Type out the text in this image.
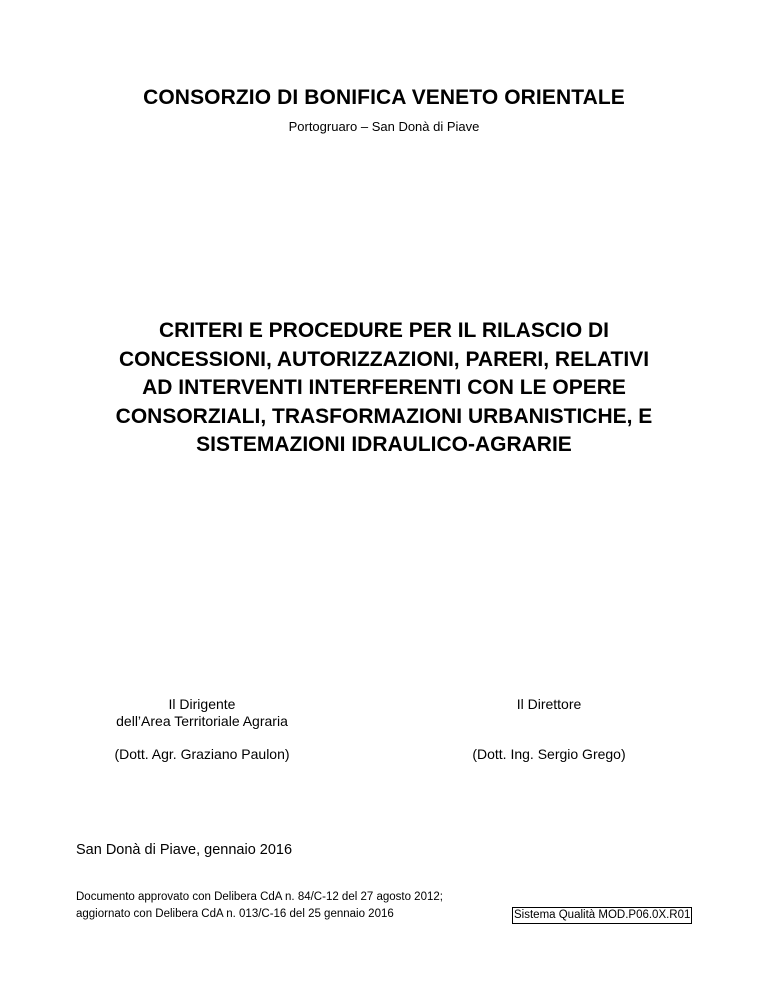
CONSORZIO DI BONIFICA VENETO ORIENTALE
Portogruaro – San Donà di Piave
CRITERI E PROCEDURE PER IL RILASCIO DI
CONCESSIONI, AUTORIZZAZIONI, PARERI, RELATIVI
AD INTERVENTI INTERFERENTI CON LE OPERE
CONSORZIALI, TRASFORMAZIONI URBANISTICHE, E
SISTEMAZIONI IDRAULICO-AGRARIE
Il Dirigente
dell’Area Territoriale Agraria
(Dott. Agr. Graziano Paulon)
Il Direttore
(Dott. Ing. Sergio Grego)
San Donà di Piave, gennaio 2016
Documento approvato con Delibera CdA n. 84/C-12 del 27 agosto 2012;
aggiornato con Delibera CdA n. 013/C-16 del 25 gennaio 2016	Sistema Qualità MOD.P06.0X.R01
